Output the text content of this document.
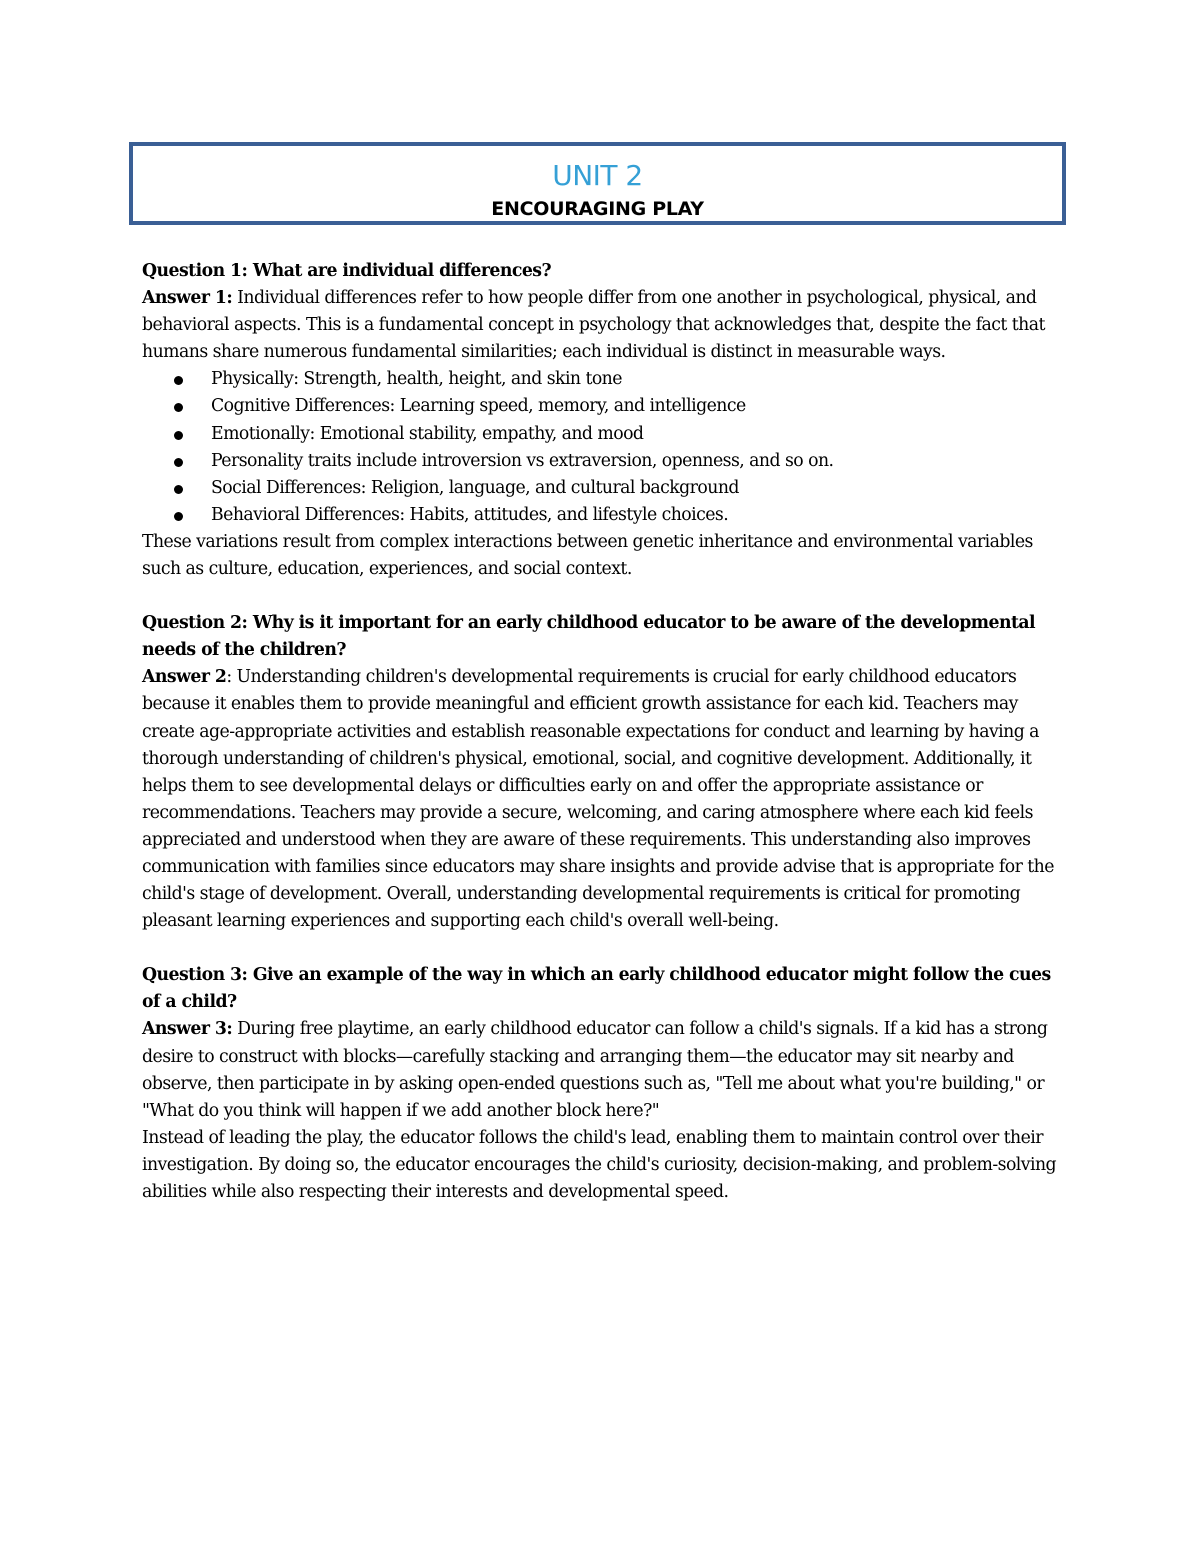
UNIT 2
ENCOURAGING PLAY

Question 1: What are individual differences?

Answer 1: Individual differences refer to how people differ from one another in psychological, physical, and behavioral aspects. This is a fundamental concept in psychology that acknowledges that, despite the fact that humans share numerous fundamental similarities; each individual is distinct in measurable ways.

Physically: Strength, health, height, and skin tone
Cognitive Differences: Learning speed, memory, and intelligence
Emotionally: Emotional stability, empathy, and mood
Personality traits include introversion vs extraversion, openness, and so on.
Social Differences: Religion, language, and cultural background
Behavioral Differences: Habits, attitudes, and lifestyle choices.

These variations result from complex interactions between genetic inheritance and environmental variables such as culture, education, experiences, and social context.

Question 2: Why is it important for an early childhood educator to be aware of the developmental needs of the children?

Answer 2: Understanding children's developmental requirements is crucial for early childhood educators because it enables them to provide meaningful and efficient growth assistance for each kid. Teachers may create age-appropriate activities and establish reasonable expectations for conduct and learning by having a thorough understanding of children's physical, emotional, social, and cognitive development. Additionally, it helps them to see developmental delays or difficulties early on and offer the appropriate assistance or recommendations. Teachers may provide a secure, welcoming, and caring atmosphere where each kid feels appreciated and understood when they are aware of these requirements. This understanding also improves communication with families since educators may share insights and provide advise that is appropriate for the child's stage of development. Overall, understanding developmental requirements is critical for promoting pleasant learning experiences and supporting each child's overall well-being.

Question 3: Give an example of the way in which an early childhood educator might follow the cues of a child?

Answer 3: During free playtime, an early childhood educator can follow a child's signals. If a kid has a strong desire to construct with blocks—carefully stacking and arranging them—the educator may sit nearby and observe, then participate in by asking open-ended questions such as, "Tell me about what you're building," or "What do you think will happen if we add another block here?"

Instead of leading the play, the educator follows the child's lead, enabling them to maintain control over their investigation. By doing so, the educator encourages the child's curiosity, decision-making, and problem-solving abilities while also respecting their interests and developmental speed.
